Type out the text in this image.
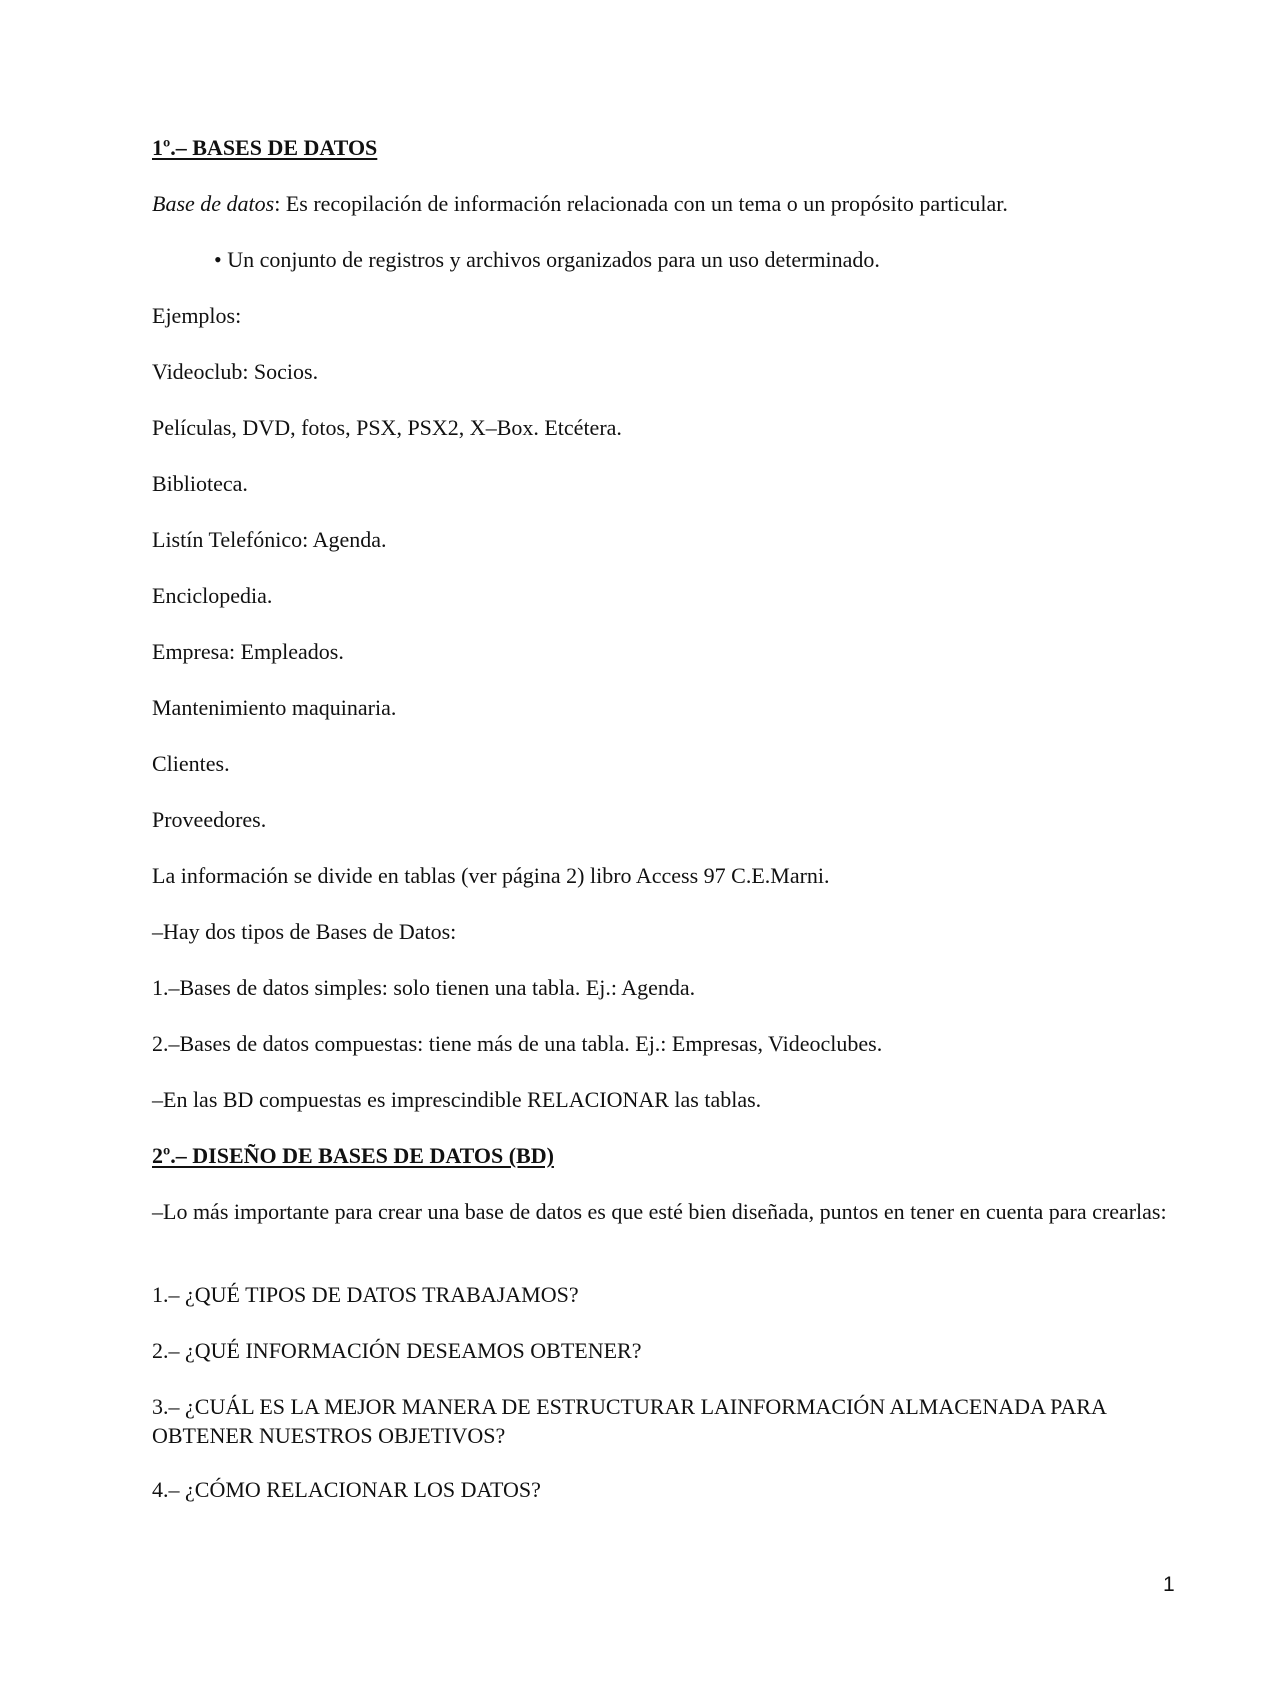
1º.– BASES DE DATOS

Base de datos: Es recopilación de información relacionada con un tema o un propósito particular.

• Un conjunto de registros y archivos organizados para un uso determinado.

Ejemplos:

Videoclub: Socios.

Películas, DVD, fotos, PSX, PSX2, X–Box. Etcétera.

Biblioteca.

Listín Telefónico: Agenda.

Enciclopedia.

Empresa: Empleados.

Mantenimiento maquinaria.

Clientes.

Proveedores.

La información se divide en tablas (ver página 2) libro Access 97 C.E.Marni.

–Hay dos tipos de Bases de Datos:

1.–Bases de datos simples: solo tienen una tabla. Ej.: Agenda.

2.–Bases de datos compuestas: tiene más de una tabla. Ej.: Empresas, Videoclubes.

–En las BD compuestas es imprescindible RELACIONAR las tablas.

2º.– DISEÑO DE BASES DE DATOS (BD)

–Lo más importante para crear una base de datos es que esté bien diseñada, puntos en tener en cuenta para crearlas:

1.– ¿QUÉ TIPOS DE DATOS TRABAJAMOS?

2.– ¿QUÉ INFORMACIÓN DESEAMOS OBTENER?

3.– ¿CUÁL ES LA MEJOR MANERA DE ESTRUCTURAR LAINFORMACIÓN ALMACENADA PARA OBTENER NUESTROS OBJETIVOS?

4.– ¿CÓMO RELACIONAR LOS DATOS?

1
